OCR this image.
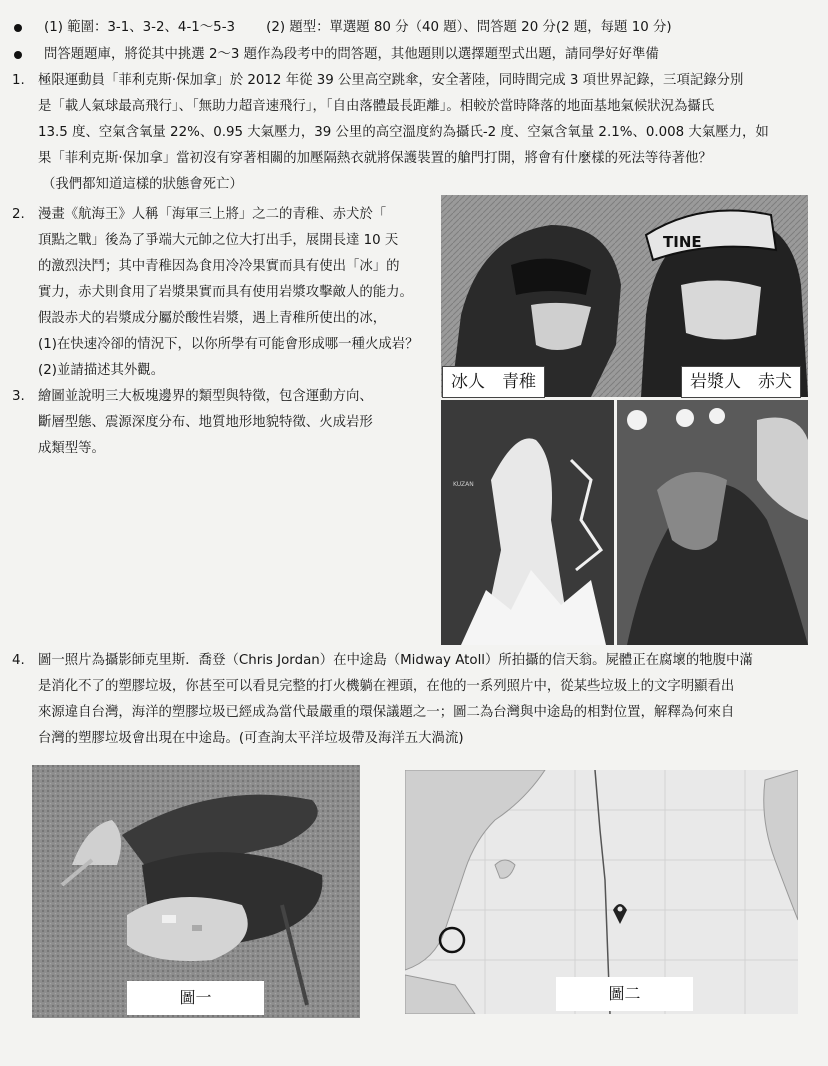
(1) 範圍：3-1、3-2、4-1～5-3　　 (2) 題型：單選題 80 分（40 題）、問答題 20 分(2 題，每題 10 分)
問答題題庫，將從其中挑選 2～3 題作為段考中的問答題，其他題則以選擇題型式出題，請同學好好準備
1. 極限運動員「菲利克斯·保加拿」於 2012 年從 39 公里高空跳傘，安全著陸，同時間完成 3 項世界記錄，三項記錄分別
是「載人氣球最高飛行」、「無助力超音速飛行」，「自由落體最長距離」。相較於當時降落的地面基地氣候狀況為攝氏
13.5 度、空氣含氧量 22%、0.95 大氣壓力，39 公里的高空溫度約為攝氏-2 度、空氣含氧量 2.1%、0.008 大氣壓力，如
果「菲利克斯·保加拿」當初沒有穿著相關的加壓隔熱衣就將保護裝置的艙門打開，將會有什麼樣的死法等待著他？
（我們都知道這樣的狀態會死亡）
2. 漫畫《航海王》人稱「海軍三上將」之二的青稚、赤犬於「
頂點之戰」後為了爭端大元帥之位大打出手，展開長達 10 天
的激烈決鬥；其中青稚因為食用冷冷果實而具有使出「冰」的
實力，赤犬則食用了岩漿果實而具有使用岩漿攻擊敵人的能力。
假設赤犬的岩漿成分屬於酸性岩漿，遇上青稚所使出的冰，
(1)在快速冷卻的情況下，以你所學有可能會形成哪一種火成岩？
(2)並請描述其外觀。
3. 繪圖並說明三大板塊邊界的類型與特徵，包含運動方向、
斷層型態、震源深度分布、地質地形地貌特徵、火成岩形
成類型等。
TINE
冰人　青稚	岩漿人　赤犬
KUZAN
4. 圖一照片為攝影師克里斯．喬登（Chris Jordan）在中途島（Midway Atoll）所拍攝的信天翁。屍體正在腐壞的牠腹中滿
是消化不了的塑膠垃圾，你甚至可以看見完整的打火機躺在裡頭，在他的一系列照片中，從某些垃圾上的文字明顯看出
來源違自台灣，海洋的塑膠垃圾已經成為當代最嚴重的環保議題之一；圖二為台灣與中途島的相對位置，解釋為何來自
台灣的塑膠垃圾會出現在中途島。(可查詢太平洋垃圾帶及海洋五大渦流)
圖一	圖二
